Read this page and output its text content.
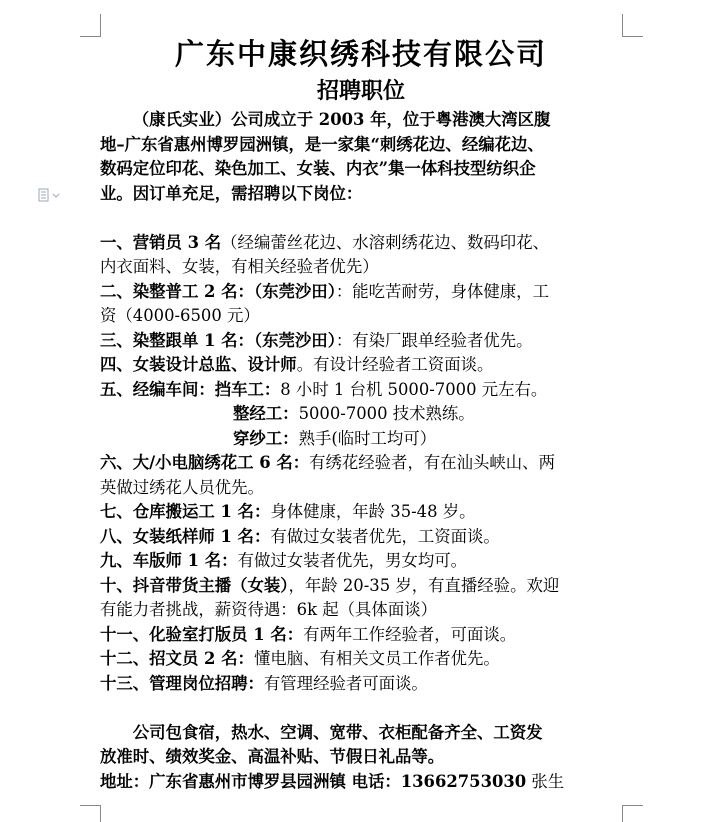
广东中康织绣科技有限公司
招聘职位
（康氏实业）公司成立于 2003 年，位于粤港澳大湾区腹
地–广东省惠州博罗园洲镇，是一家集“刺绣花边、经编花边、
数码定位印花、染色加工、女装、内衣”集一体科技型纺织企
业。因订单充足，需招聘以下岗位：
一、营销员 3 名（经编蕾丝花边、水溶刺绣花边、数码印花、
内衣面料、女装，有相关经验者优先）
二、染整普工 2 名：（东莞沙田）：能吃苦耐劳，身体健康，工
资（4000-6500 元）
三、染整跟单 1 名：（东莞沙田）：有染厂跟单经验者优先。
四、女装设计总监、设计师。有设计经验者工资面谈。
五、经编车间：挡车工：8 小时 1 台机 5000-7000 元左右。
整经工：5000-7000 技术熟练。
穿纱工：熟手(临时工均可）
六、大/小电脑绣花工 6 名：有绣花经验者，有在汕头峡山、两
英做过绣花人员优先。
七、仓库搬运工 1 名：身体健康，年龄 35-48 岁。
八、女装纸样师 1 名：有做过女装者优先，工资面谈。
九、车版师 1 名：有做过女装者优先，男女均可。
十、抖音带货主播（女装），年龄 20-35 岁，有直播经验。欢迎
有能力者挑战，薪资待遇：6k 起（具体面谈）
十一、化验室打版员 1 名：有两年工作经验者，可面谈。
十二、招文员 2 名：懂电脑、有相关文员工作者优先。
十三、管理岗位招聘：有管理经验者可面谈。
公司包食宿，热水、空调、宽带、衣柜配备齐全、工资发
放准时、绩效奖金、高温补贴、节假日礼品等。
地址：广东省惠州市博罗县园洲镇 电话：13662753030 张生
